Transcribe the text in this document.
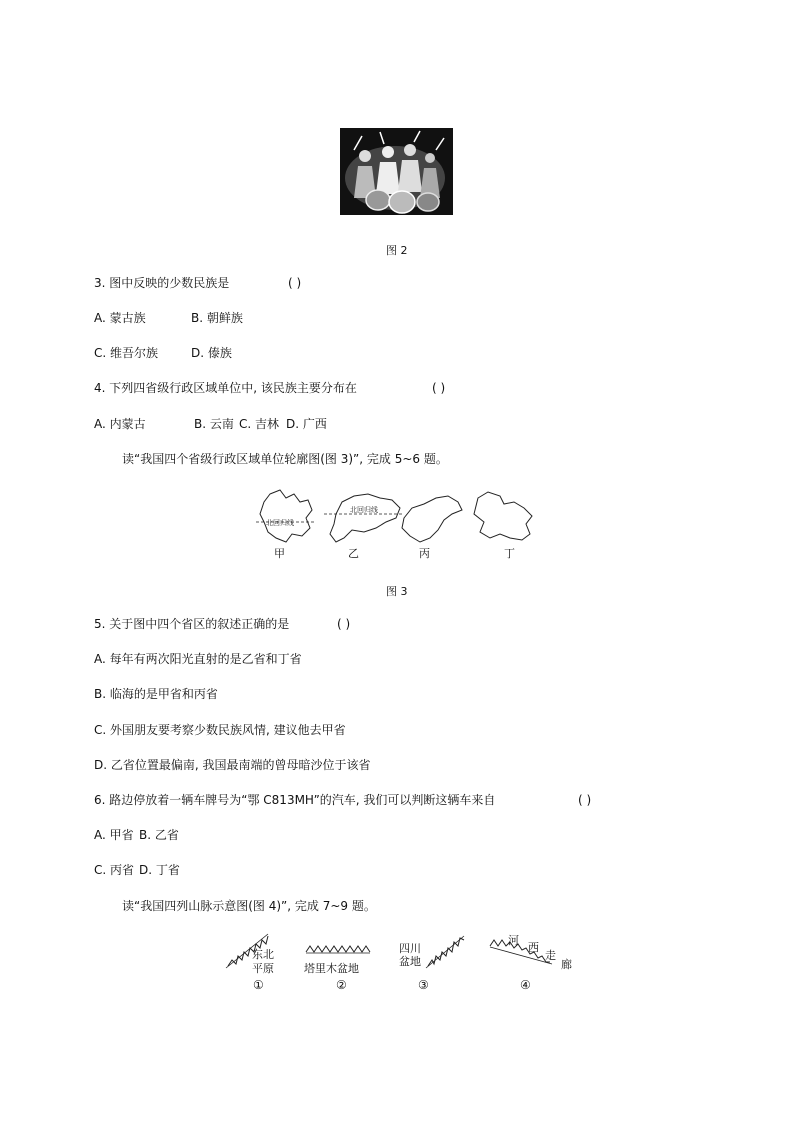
图 2
3. 图中反映的少数民族是	( )
A. 蒙古族	B. 朝鲜族
C. 维吾尔族	D. 傣族
4. 下列四省级行政区域单位中, 该民族主要分布在	( )
A. 内蒙古	B. 云南 C. 吉林 D. 广西
读“我国四个省级行政区域单位轮廓图(图 3)”, 完成 5~6 题。
北回归线
北回归线
甲	乙	丙	丁
图 3
5. 关于图中四个省区的叙述正确的是	( )
A. 每年有两次阳光直射的是乙省和丁省
B. 临海的是甲省和丙省
C. 外国朋友要考察少数民族风情, 建议他去甲省
D. 乙省位置最偏南, 我国最南端的曾母暗沙位于该省
6. 路边停放着一辆车牌号为“鄂 C813MH”的汽车, 我们可以判断这辆车来自	( )
A. 甲省 B. 乙省
C. 丙省 D. 丁省
读“我国四列山脉示意图(图 4)”, 完成 7~9 题。
东北
平原	塔里木盆地
四川
盆地
河
西
走
廊
①	②	③	④
